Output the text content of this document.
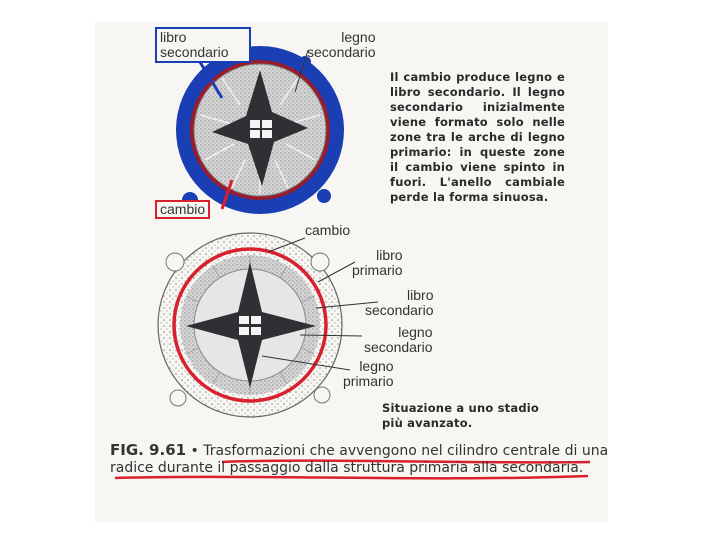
libro
secondario
legno
secondario
cambio
Il cambio produce legno e libro secondario. Il legno secondario inizialmente viene formato solo nelle zone tra le arche di legno primario: in queste zone il cambio viene spinto in fuori. L'anello cambiale perde la forma sinuosa.
cambio
libro
primario
libro
secondario
legno
secondario
legno
primario
Situazione a uno stadio più avanzato.
FIG. 9.61 • Trasformazioni che avvengono nel cilindro centrale di una
radice durante il passaggio dalla struttura primaria alla secondaria.
